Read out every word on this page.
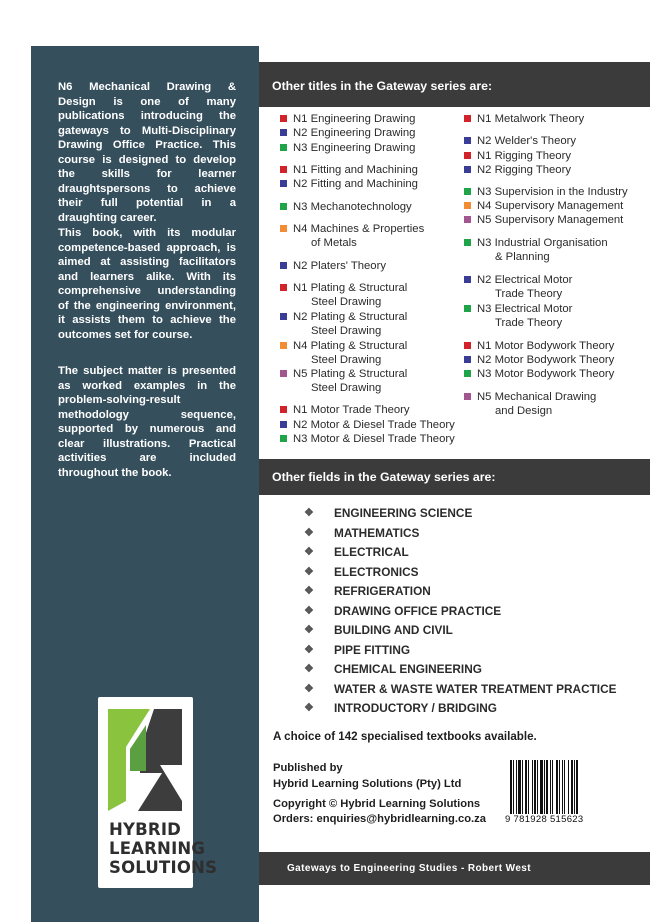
N6 Mechanical Drawing & Design is one of many publications introducing the gateways to Multi-Disciplinary Drawing Office Practice. This course is designed to develop the skills for learner draughtspersons to achieve their full potential in a draughting career.

This book, with its modular competence-based approach, is aimed at assisting facilitators and learners alike. With its comprehensive understanding of the engineering environment, it assists them to achieve the outcomes set for course.

The subject matter is presented as worked examples in the problem-solving-result methodology sequence, supported by numerous and clear illustrations. Practical activities are included throughout the book.

HYBRID
LEARNING
SOLUTIONS
Other titles in the Gateway series are:
N1 Engineering Drawing
N2 Engineering Drawing
N3 Engineering Drawing
N1 Fitting and Machining
N2 Fitting and Machining
N3 Mechanotechnology
N4 Machines & Properties
of Metals
N2 Platers' Theory
N1 Plating & Structural
Steel Drawing
N2 Plating & Structural
Steel Drawing
N4 Plating & Structural
Steel Drawing
N5 Plating & Structural
Steel Drawing
N1 Motor Trade Theory
N2 Motor & Diesel Trade Theory
N3 Motor & Diesel Trade Theory
N1 Metalwork Theory
N2 Welder's Theory
N1 Rigging Theory
N2 Rigging Theory
N3 Supervision in the Industry
N4 Supervisory Management
N5 Supervisory Management
N3 Industrial Organisation
& Planning
N2 Electrical Motor
Trade Theory
N3 Electrical Motor
Trade Theory
N1 Motor Bodywork Theory
N2 Motor Bodywork Theory
N3 Motor Bodywork Theory
N5 Mechanical Drawing
and Design
Other fields in the Gateway series are:
❖ ENGINEERING SCIENCE
❖ MATHEMATICS
❖ ELECTRICAL
❖ ELECTRONICS
❖ REFRIGERATION
❖ DRAWING OFFICE PRACTICE
❖ BUILDING AND CIVIL
❖ PIPE FITTING
❖ CHEMICAL ENGINEERING
❖ WATER & WASTE WATER TREATMENT PRACTICE
❖ INTRODUCTORY / BRIDGING
A choice of 142 specialised textbooks available.
Published by
Hybrid Learning Solutions (Pty) Ltd
Copyright © Hybrid Learning Solutions
Orders: enquiries@hybridlearning.co.za 9 781928 515623
Gateways to Engineering Studies - Robert West
